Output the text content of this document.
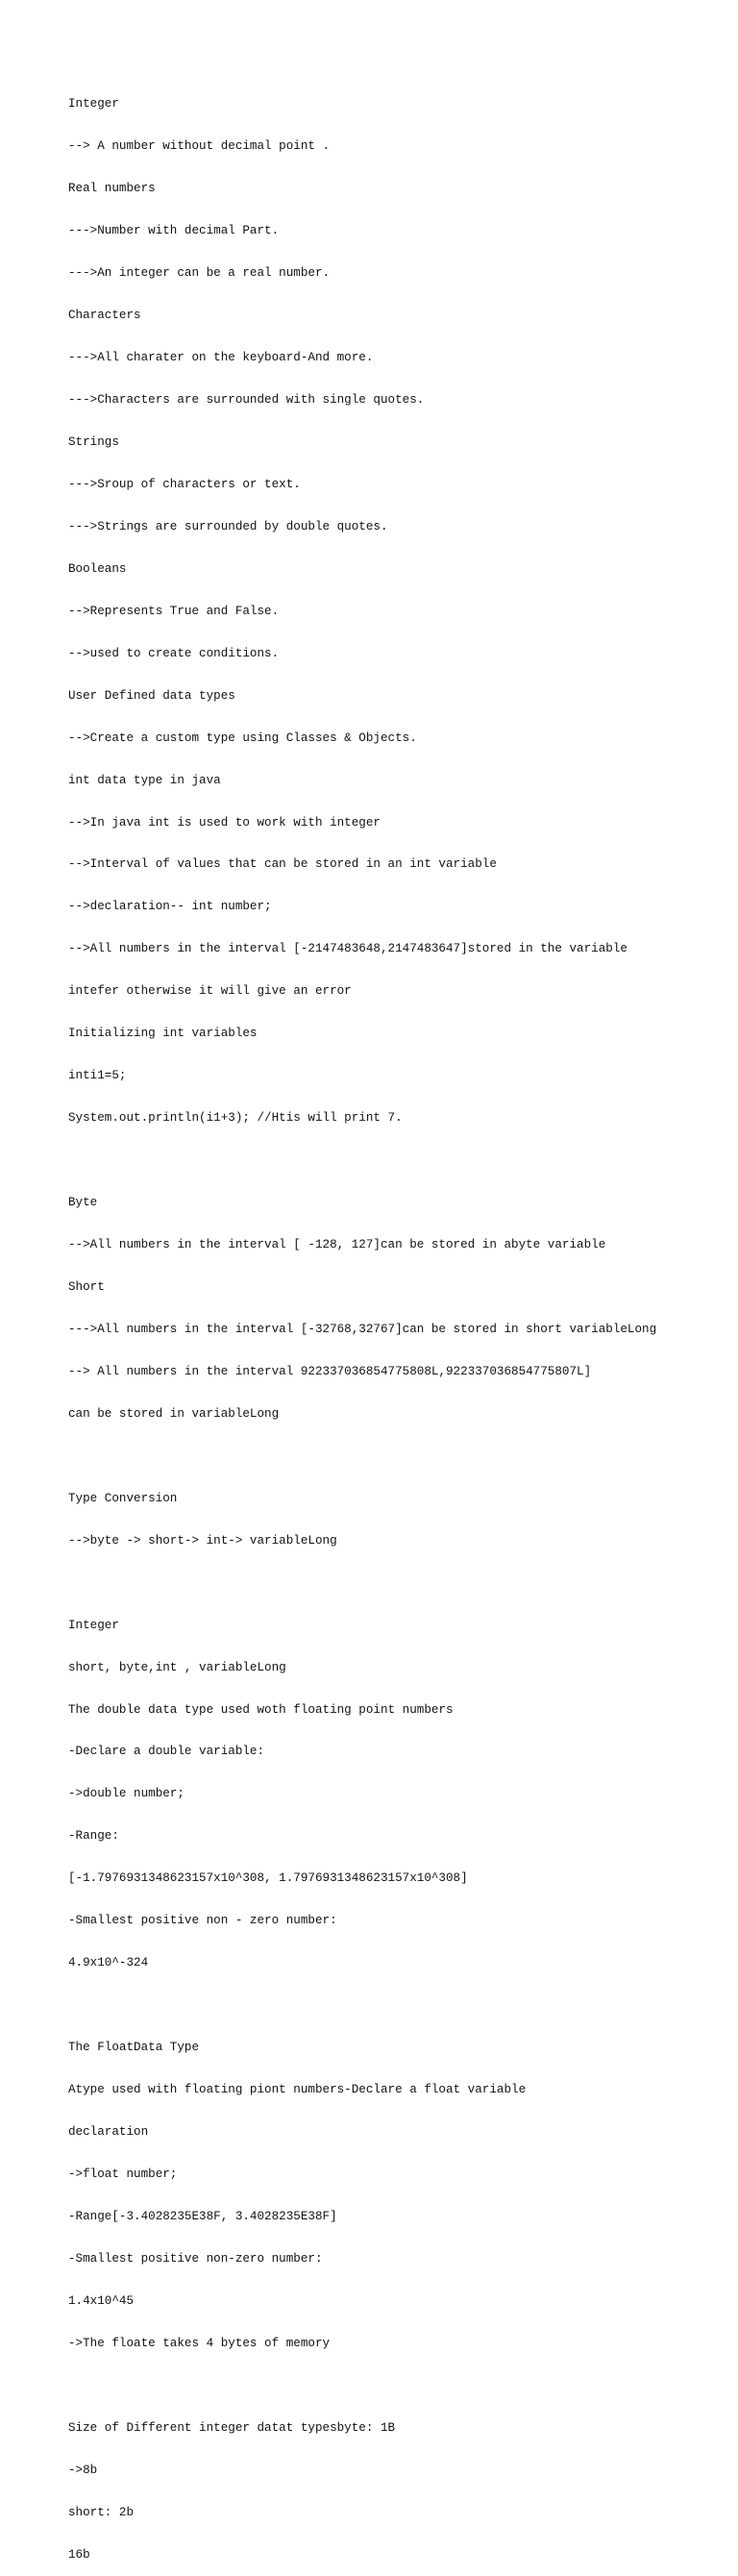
Integer

--> A number without decimal point .

Real numbers

--->Number with decimal Part.

--->An integer can be a real number.

Characters

--->All charater on the keyboard-And more.

--->Characters are surrounded with single quotes.

Strings

--->Sroup of characters or text.

--->Strings are surrounded by double quotes.

Booleans

-->Represents True and False.

-->used to create conditions.

User Defined data types

-->Create a custom type using Classes & Objects.

int data type in java

-->In java int is used to work with integer

-->Interval of values that can be stored in an int variable

-->declaration-- int number;

-->All numbers in the interval [-2147483648,2147483647]stored in the variable

intefer otherwise it will give an error

Initializing int variables

inti1=5;

System.out.println(i1+3); //Htis will print 7.

Byte

-->All numbers in the interval [ -128, 127]can be stored in abyte variable

Short

--->All numbers in the interval [-32768,32767]can be stored in short variableLong

--> All numbers in the interval 922337036854775808L,922337036854775807L]

can be stored in variableLong

Type Conversion

-->byte -> short-> int-> variableLong

Integer

short, byte,int , variableLong

The double data type used woth floating point numbers

-Declare a double variable:

->double number;

-Range:

[-1.7976931348623157x10^308, 1.7976931348623157x10^308]

-Smallest positive non - zero number:

4.9x10^-324

The FloatData Type

Atype used with floating piont numbers-Declare a float variable

declaration

->float number;

-Range[-3.4028235E38F, 3.4028235E38F]

-Smallest positive non-zero number:

1.4x10^45

->The floate takes 4 bytes of memory

Size of Different integer datat typesbyte: 1B

->8b

short: 2b

16b
